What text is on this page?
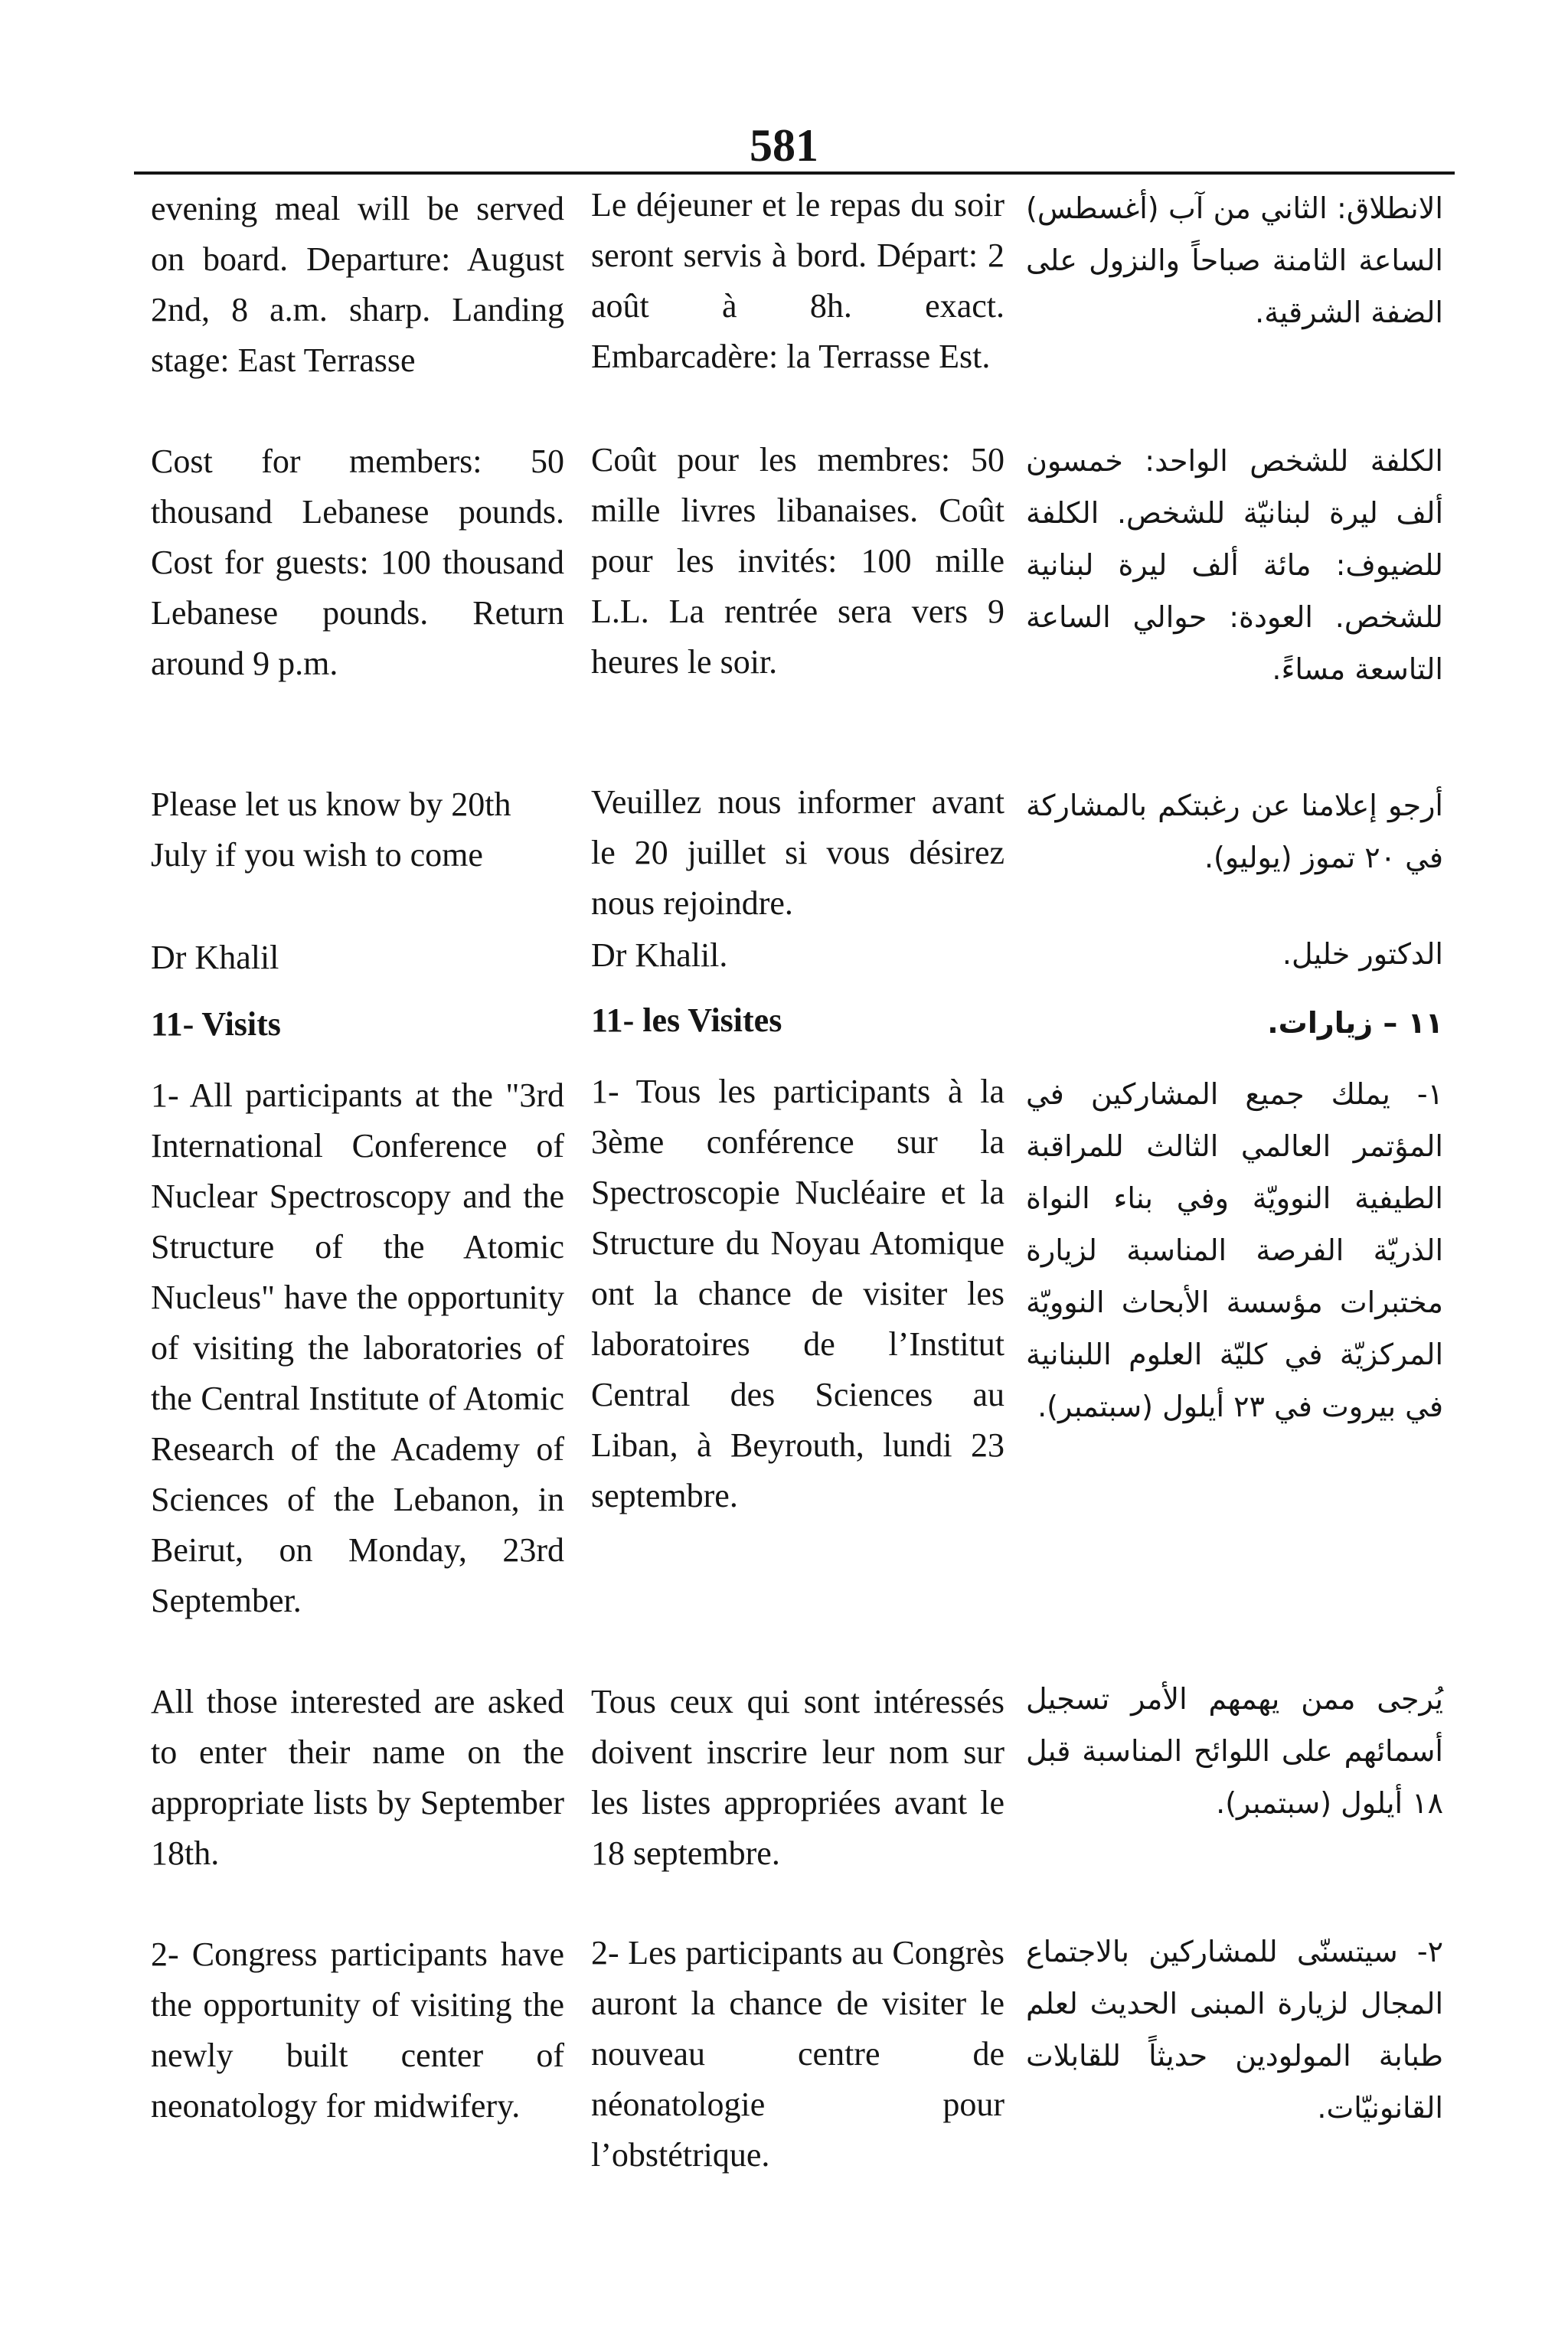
581

evening meal will be served on board. Departure: August 2nd, 8 a.m. sharp. Landing stage: East Terrasse

Cost for members: 50 thousand Lebanese pounds. Cost for guests: 100 thousand Lebanese pounds. Return around 9 p.m.

Please let us know by 20th July if you wish to come

Dr Khalil

11- Visits

1- All participants at the "3rd International Conference of Nuclear Spectroscopy and the Structure of the Atomic Nucleus" have the opportunity of visiting the laboratories of the Central Institute of Atomic Research of the Academy of Sciences of the Lebanon, in Beirut, on Monday, 23rd September.

All those interested are asked to enter their name on the appropriate lists by September 18th.

2- Congress participants have the opportunity of visiting the newly built center of neonatology for midwifery.

Le déjeuner et le repas du soir seront servis à bord. Départ: 2 août à 8h. exact. Embarcadère: la Terrasse Est.

Coût pour les membres: 50 mille livres libanaises. Coût pour les invités: 100 mille L.L. La rentrée sera vers 9 heures le soir.

Veuillez nous informer avant le 20 juillet si vous désirez nous rejoindre.

Dr Khalil.

11- les Visites

1- Tous les participants à la 3ème conférence sur la Spectroscopie Nucléaire et la Structure du Noyau Atomique ont la chance de visiter les laboratoires de l’Institut Central des Sciences au Liban, à Beyrouth, lundi 23 septembre.

Tous ceux qui sont intéressés doivent inscrire leur nom sur les listes appropriées avant le 18 septembre.

2- Les participants au Congrès auront la chance de visiter le nouveau centre de néonatologie pour l’obstétrique.

الانطلاق: الثاني من آب (أغسطس) الساعة الثامنة صباحاً والنزول على الضفة الشرقية.

الكلفة للشخص الواحد: خمسون ألف ليرة لبنانيّة للشخص. الكلفة للضيوف: مائة ألف ليرة لبنانية للشخص. العودة: حوالي الساعة التاسعة مساءً.

أرجو إعلامنا عن رغبتكم بالمشاركة في ٢٠ تموز (يوليو).

الدكتور خليل.

١١ – زيارات.

١- يملك جميع المشاركين في المؤتمر العالمي الثالث للمراقبة الطيفية النوويّة وفي بناء النواة الذريّة الفرصة المناسبة لزيارة مختبرات مؤسسة الأبحاث النوويّة المركزيّة في كليّة العلوم اللبنانية في بيروت في ٢٣ أيلول (سبتمبر).

يُرجى ممن يهمهم الأمر تسجيل أسمائهم على اللوائح المناسبة قبل ١٨ أيلول (سبتمبر).

٢- سيتسنّى للمشاركين بالاجتماع المجال لزيارة المبنى الحديث لعلم طبابة المولودين حديثاً للقابلات القانونيّات.
